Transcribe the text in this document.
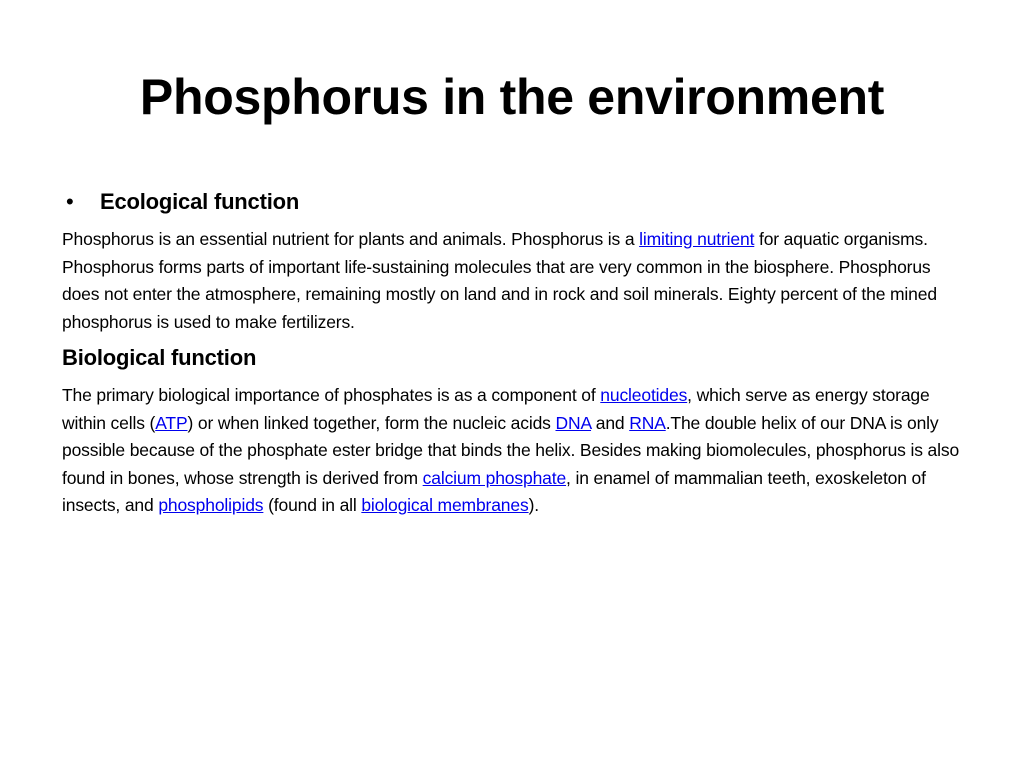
Phosphorus in the environment
•	Ecological function

Phosphorus is an essential nutrient for plants and animals. Phosphorus is a limiting nutrient for aquatic organisms. Phosphorus forms parts of important life-sustaining molecules that are very common in the biosphere. Phosphorus does not enter the atmosphere, remaining mostly on land and in rock and soil minerals. Eighty percent of the mined phosphorus is used to make fertilizers.

Biological function

The primary biological importance of phosphates is as a component of nucleotides, which serve as energy storage within cells (ATP) or when linked together, form the nucleic acids DNA and RNA.The double helix of our DNA is only possible because of the phosphate ester bridge that binds the helix. Besides making biomolecules, phosphorus is also found in bones, whose strength is derived from calcium phosphate, in enamel of mammalian teeth, exoskeleton of insects, and phospholipids (found in all biological membranes).
